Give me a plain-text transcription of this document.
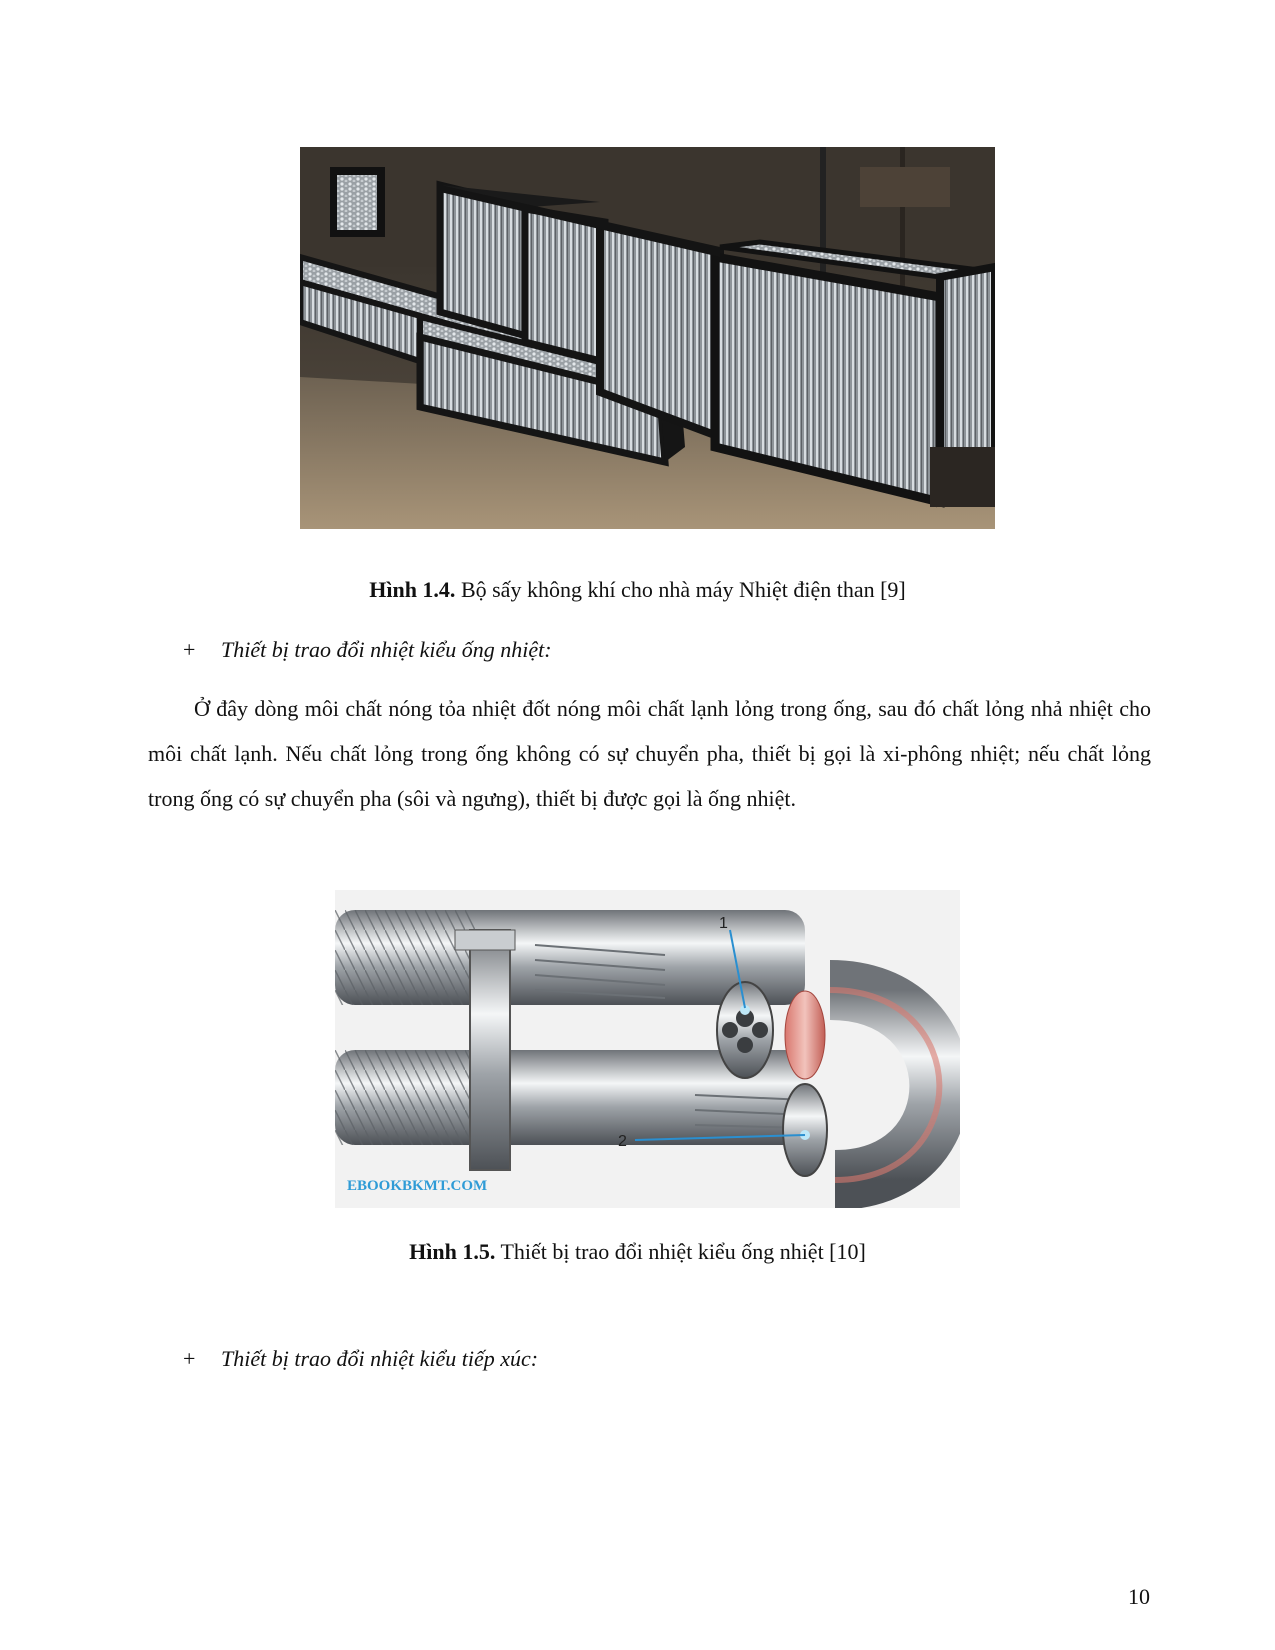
Hình 1.4. Bộ sấy không khí cho nhà máy Nhiệt điện than [9]
+ Thiết bị trao đổi nhiệt kiểu ống nhiệt:

Ở đây dòng môi chất nóng tỏa nhiệt đốt nóng môi chất lạnh lỏng trong ống, sau đó chất lỏng nhả nhiệt cho môi chất lạnh. Nếu chất lỏng trong ống không có sự chuyển pha, thiết bị gọi là xi-phông nhiệt; nếu chất lỏng trong ống có sự chuyển pha (sôi và ngưng), thiết bị được gọi là ống nhiệt.

1
2
EBOOKBKMT.COM
Hình 1.5. Thiết bị trao đổi nhiệt kiểu ống nhiệt [10]
+ Thiết bị trao đổi nhiệt kiểu tiếp xúc:
10
